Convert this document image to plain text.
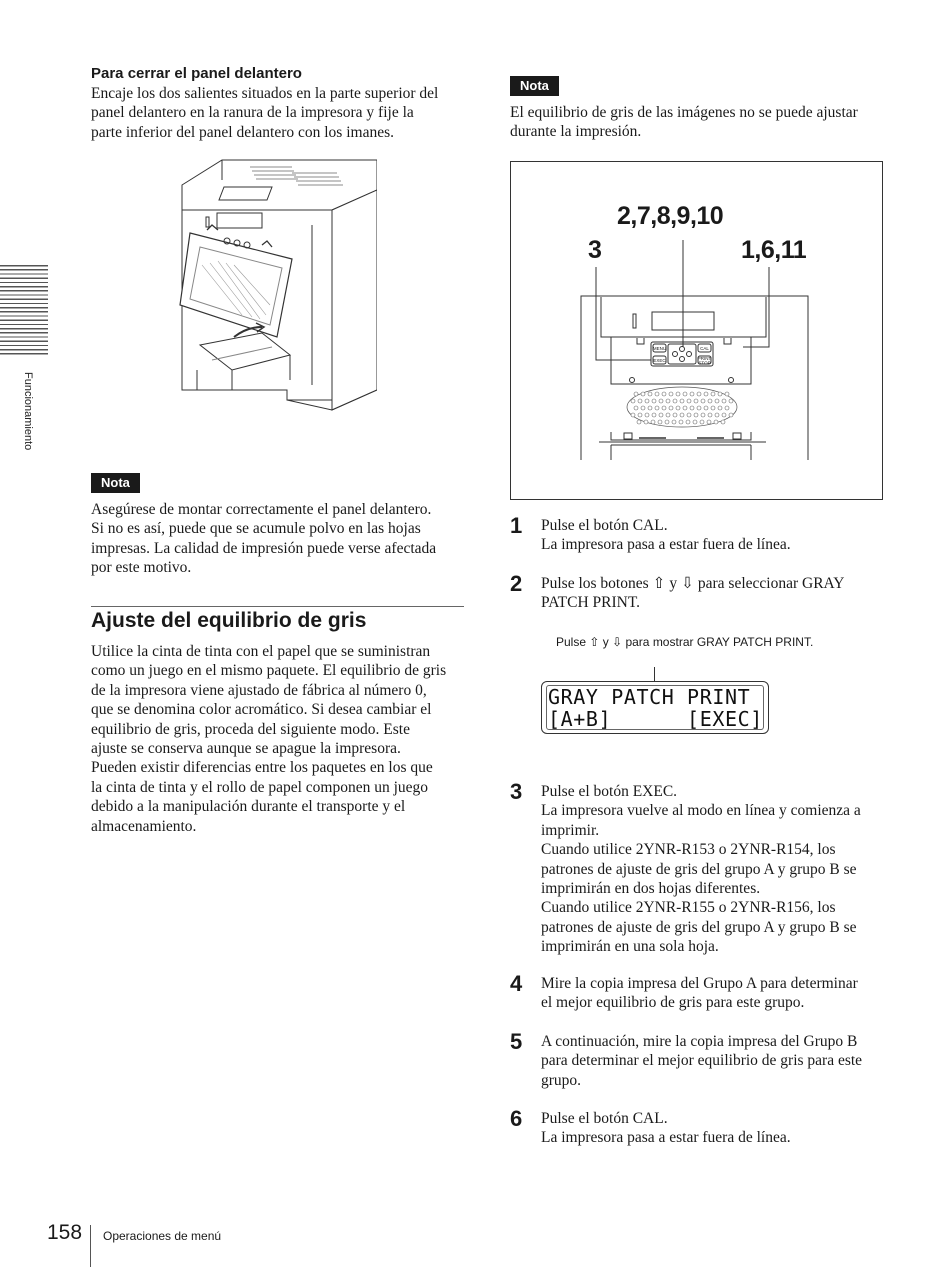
Funcionamiento
Para cerrar el panel delantero

Encaje los dos salientes situados en la parte superior del

panel delantero en la ranura de la impresora y fije la

parte inferior del panel delantero con los imanes.

Nota

Asegúrese de montar correctamente el panel delantero.

Si no es así, puede que se acumule polvo en las hojas

impresas. La calidad de impresión puede verse afectada

por este motivo.

Ajuste del equilibrio de gris

Utilice la cinta de tinta con el papel que se suministran

como un juego en el mismo paquete. El equilibrio de gris

de la impresora viene ajustado de fábrica al número 0,

que se denomina color acromático. Si desea cambiar el

equilibrio de gris, proceda del siguiente modo. Este

ajuste se conserva aunque se apague la impresora.

Pueden existir diferencias entre los paquetes en los que

la cinta de tinta y el rollo de papel componen un juego

debido a la manipulación durante el transporte y el

almacenamiento.

Nota

El equilibrio de gris de las imágenes no se puede ajustar

durante la impresión.

2,7,8,9,10
3	1,6,11
MENU
EXEC
CAL
PRINT
STOP
1 Pulse el botón CAL.

La impresora pasa a estar fuera de línea.

2 Pulse los botones ⇧ y ⇩ para seleccionar GRAY

PATCH PRINT.

Pulse ⇧ y ⇩ para mostrar GRAY PATCH PRINT.
GRAY PATCH PRINT
[A+B]      [EXEC]
3 Pulse el botón EXEC.

La impresora vuelve al modo en línea y comienza a

imprimir.

Cuando utilice 2YNR-R153 o 2YNR-R154, los

patrones de ajuste de gris del grupo A y grupo B se

imprimirán en dos hojas diferentes.

Cuando utilice 2YNR-R155 o 2YNR-R156, los

patrones de ajuste de gris del grupo A y grupo B se

imprimirán en una sola hoja.

4 Mire la copia impresa del Grupo A para determinar

el mejor equilibrio de gris para este grupo.

5 A continuación, mire la copia impresa del Grupo B

para determinar el mejor equilibrio de gris para este

grupo.

6 Pulse el botón CAL.

La impresora pasa a estar fuera de línea.

158 Operaciones de menú
